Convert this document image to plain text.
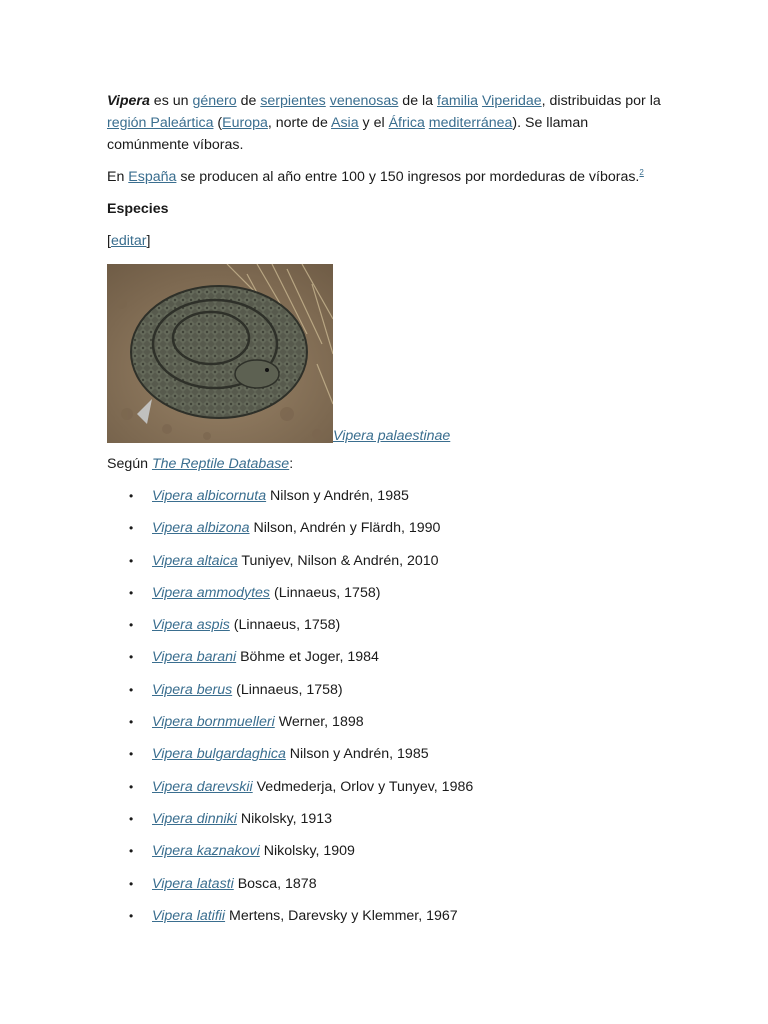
Vipera es un género de serpientes venenosas de la familia Viperidae, distribuidas por la región Paleártica (Europa, norte de Asia y el África mediterránea). Se llaman comúnmente víboras.

En España se producen al año entre 100 y 150 ingresos por mordeduras de víboras.$^2$

Especies

[editar]

Vipera palaestinae

Según The Reptile Database:

• Vipera albicornuta Nilson y Andrén, 1985
• Vipera albizona Nilson, Andrén y Flärdh, 1990
• Vipera altaica Tuniyev, Nilson & Andrén, 2010
• Vipera ammodytes (Linnaeus, 1758)
• Vipera aspis (Linnaeus, 1758)
• Vipera barani Böhme et Joger, 1984
• Vipera berus (Linnaeus, 1758)
• Vipera bornmuelleri Werner, 1898
• Vipera bulgardaghica Nilson y Andrén, 1985
• Vipera darevskii Vedmederja, Orlov y Tunyev, 1986
• Vipera dinniki Nikolsky, 1913
• Vipera kaznakovi Nikolsky, 1909
• Vipera latasti Bosca, 1878
• Vipera latifii Mertens, Darevsky y Klemmer, 1967
